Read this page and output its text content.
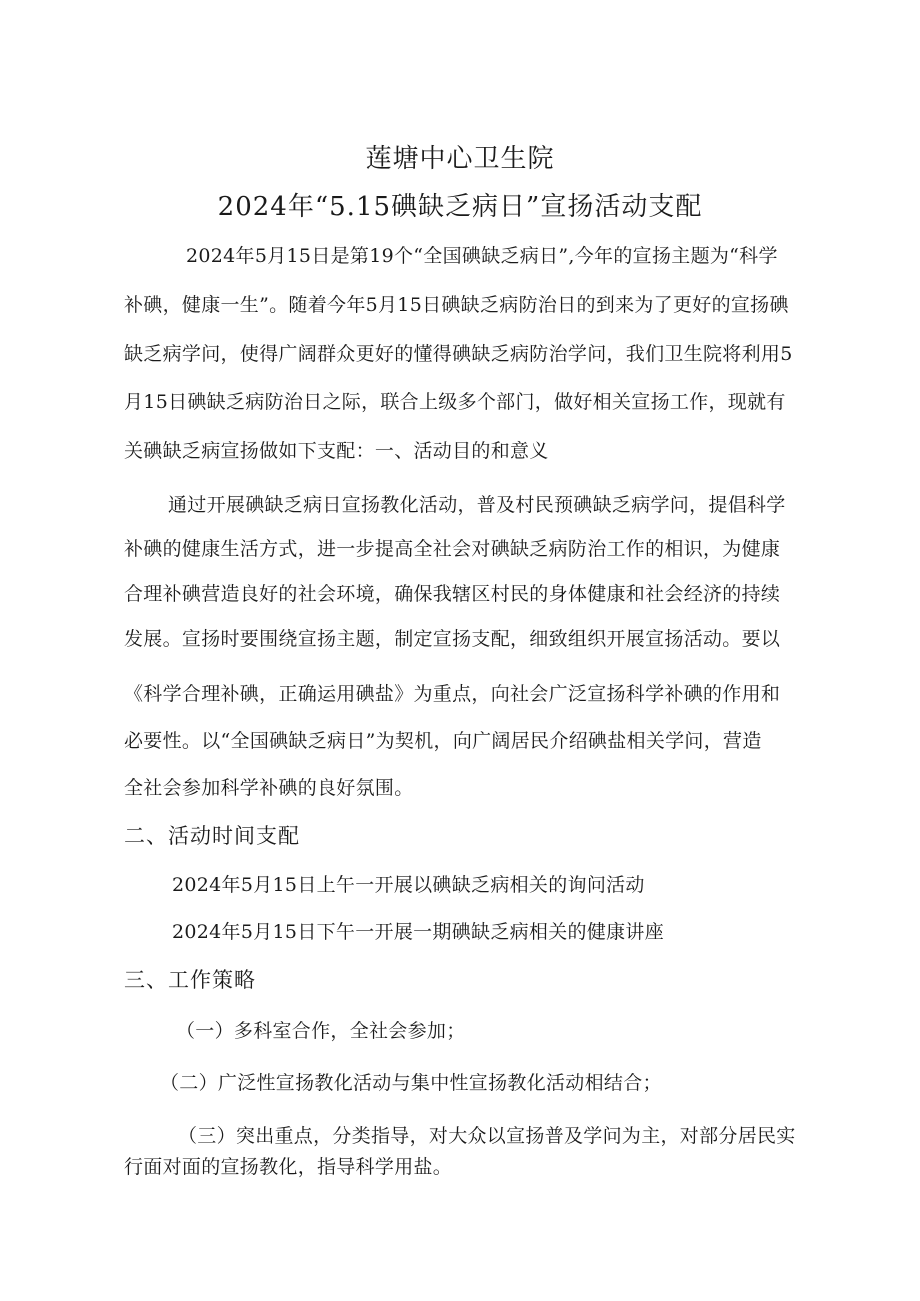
莲塘中心卫生院
2024年“5.15碘缺乏病日”宣扬活动支配
2024年5月15日是第19个“全国碘缺乏病日”,今年的宣扬主题为“科学
补碘，健康一生”。随着今年5月15日碘缺乏病防治日的到来为了更好的宣扬碘
缺乏病学问，使得广阔群众更好的懂得碘缺乏病防治学问，我们卫生院将利用5
月15日碘缺乏病防治日之际，联合上级多个部门，做好相关宣扬工作，现就有
关碘缺乏病宣扬做如下支配：一、活动目的和意义
通过开展碘缺乏病日宣扬教化活动，普及村民预碘缺乏病学问，提倡科学
补碘的健康生活方式，进一步提高全社会对碘缺乏病防治工作的相识，为健康
合理补碘营造良好的社会环境，确保我辖区村民的身体健康和社会经济的持续
发展。宣扬时要围绕宣扬主题，制定宣扬支配，细致组织开展宣扬活动。要以
《科学合理补碘，正确运用碘盐》为重点，向社会广泛宣扬科学补碘的作用和
必要性。以“全国碘缺乏病日”为契机，向广阔居民介绍碘盐相关学问，营造
全社会参加科学补碘的良好氛围。
二、活动时间支配
2024年5月15日上午一开展以碘缺乏病相关的询问活动
2024年5月15日下午一开展一期碘缺乏病相关的健康讲座
三、工作策略
（一）多科室合作，全社会参加；
（二）广泛性宣扬教化活动与集中性宣扬教化活动相结合；
（三）突出重点，分类指导，对大众以宣扬普及学问为主，对部分居民实
行面对面的宣扬教化，指导科学用盐。
